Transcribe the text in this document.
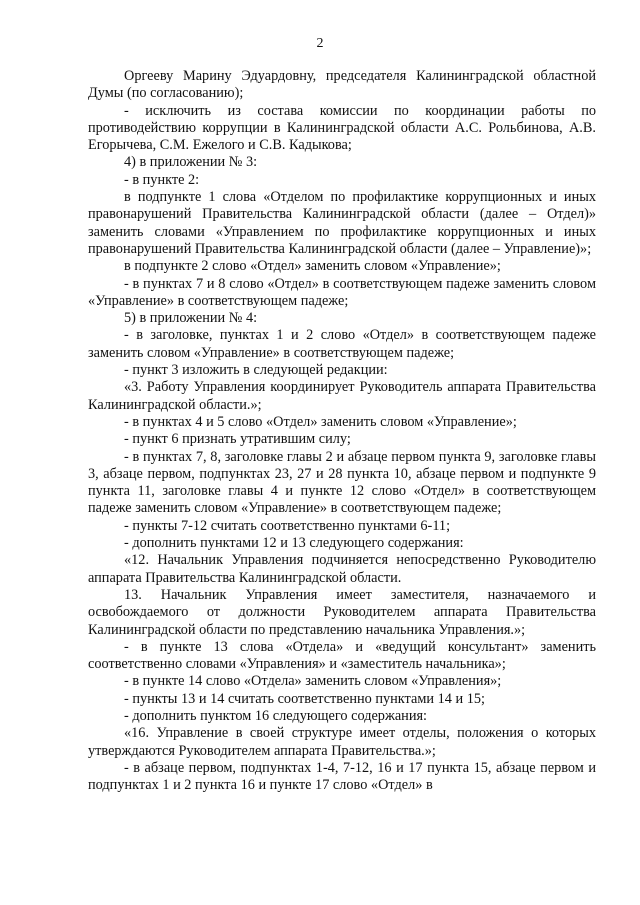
2

Оргееву Марину Эдуардовну, председателя Калининградской областной Думы (по согласованию);

- исключить из состава комиссии по координации работы по противодействию коррупции в Калининградской области А.С. Рольбинова, А.В. Егорычева, С.М. Ежелого и С.В. Кадыкова;

4) в приложении № 3:

- в пункте 2:

в подпункте 1 слова «Отделом по профилактике коррупционных и иных правонарушений Правительства Калининградской области (далее – Отдел)» заменить словами «Управлением по профилактике коррупционных и иных правонарушений Правительства Калининградской области (далее – Управление)»;

в подпункте 2 слово «Отдел» заменить словом «Управление»;

- в пунктах 7 и 8 слово «Отдел» в соответствующем падеже заменить словом «Управление» в соответствующем падеже;

5) в приложении № 4:

- в заголовке, пунктах 1 и 2 слово «Отдел» в соответствующем падеже заменить словом «Управление» в соответствующем падеже;

- пункт 3 изложить в следующей редакции:

«3. Работу Управления координирует Руководитель аппарата Правительства Калининградской области.»;

- в пунктах 4 и 5 слово «Отдел» заменить словом «Управление»;

- пункт 6 признать утратившим силу;

- в пунктах 7, 8, заголовке главы 2 и абзаце первом пункта 9, заголовке главы 3, абзаце первом, подпунктах 23, 27 и 28 пункта 10, абзаце первом и подпункте 9 пункта 11, заголовке главы 4 и пункте 12 слово «Отдел» в соответствующем падеже заменить словом «Управление» в соответствующем падеже;

- пункты 7-12 считать соответственно пунктами 6-11;

- дополнить пунктами 12 и 13 следующего содержания:

«12. Начальник Управления подчиняется непосредственно Руководителю аппарата Правительства Калининградской области.

13. Начальник Управления имеет заместителя, назначаемого и освобождаемого от должности Руководителем аппарата Правительства Калининградской области по представлению начальника Управления.»;

- в пункте 13 слова «Отдела» и «ведущий консультант» заменить соответственно словами «Управления» и «заместитель начальника»;

- в пункте 14 слово «Отдела» заменить словом «Управления»;

- пункты 13 и 14 считать соответственно пунктами 14 и 15;

- дополнить пунктом 16 следующего содержания:

«16. Управление в своей структуре имеет отделы, положения о которых утверждаются Руководителем аппарата Правительства.»;

- в абзаце первом, подпунктах 1-4, 7-12, 16 и 17 пункта 15, абзаце первом и подпунктах 1 и 2 пункта 16 и пункте 17 слово «Отдел» в
